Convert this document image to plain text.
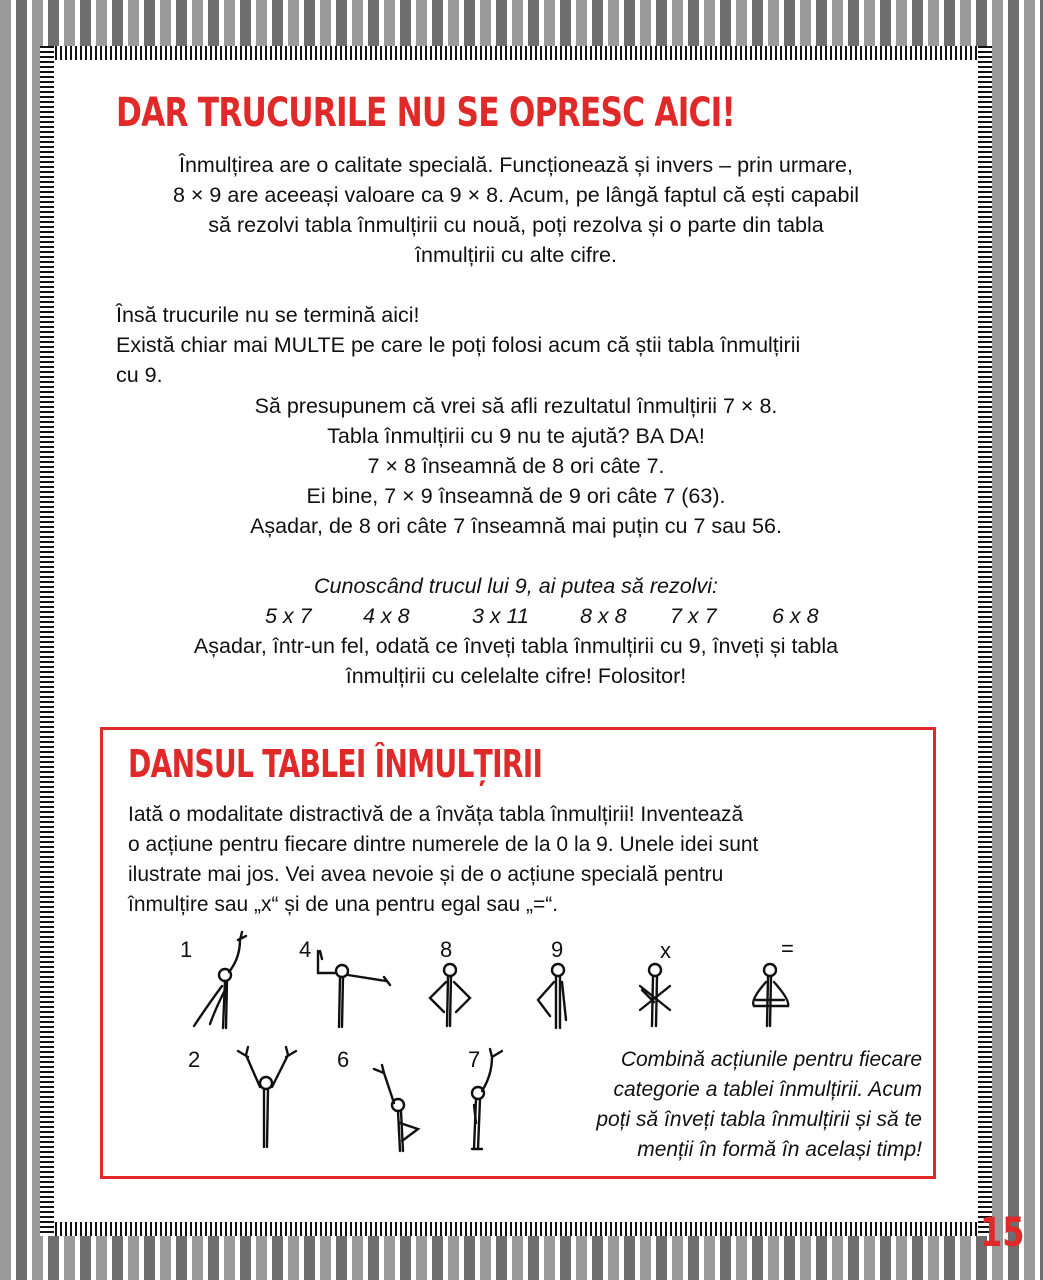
DAR TRUCURILE NU SE OPRESC AICI!
Înmulțirea are o calitate specială. Funcționează și invers – prin urmare,
8 × 9 are aceeași valoare ca 9 × 8. Acum, pe lângă faptul că ești capabil
să rezolvi tabla înmulțirii cu nouă, poți rezolva și o parte din tabla
înmulțirii cu alte cifre.
Însă trucurile nu se termină aici!
Există chiar mai MULTE pe care le poți folosi acum că știi tabla înmulțirii
cu 9.
Să presupunem că vrei să afli rezultatul înmulțirii 7 × 8.
Tabla înmulțirii cu 9 nu te ajută? BA DA!
7 × 8 înseamnă de 8 ori câte 7.
Ei bine, 7 × 9 înseamnă de 9 ori câte 7 (63).
Așadar, de 8 ori câte 7 înseamnă mai puțin cu 7 sau 56.
Cunoscând trucul lui 9, ai putea să rezolvi:
5 x 7 4 x 8	3 x 11 8 x 8 7 x 7	6 x 8
Așadar, într-un fel, odată ce înveți tabla înmulțirii cu 9, înveți și tabla
înmulțirii cu celelalte cifre! Folositor!
DANSUL TABLEI ÎNMULȚIRII
Iată o modalitate distractivă de a învăța tabla înmulțirii! Inventează
o acțiune pentru fiecare dintre numerele de la 0 la 9. Unele idei sunt
ilustrate mai jos. Vei avea nevoie și de o acțiune specială pentru
înmulțire sau „x“ și de una pentru egal sau „=“.
1	4	8	9	x	=
2	6	7	Combină acțiunile pentru fiecare
categorie a tablei înmulțirii. Acum
poți să înveți tabla înmulțirii și să te
menții în formă în același timp!
15
